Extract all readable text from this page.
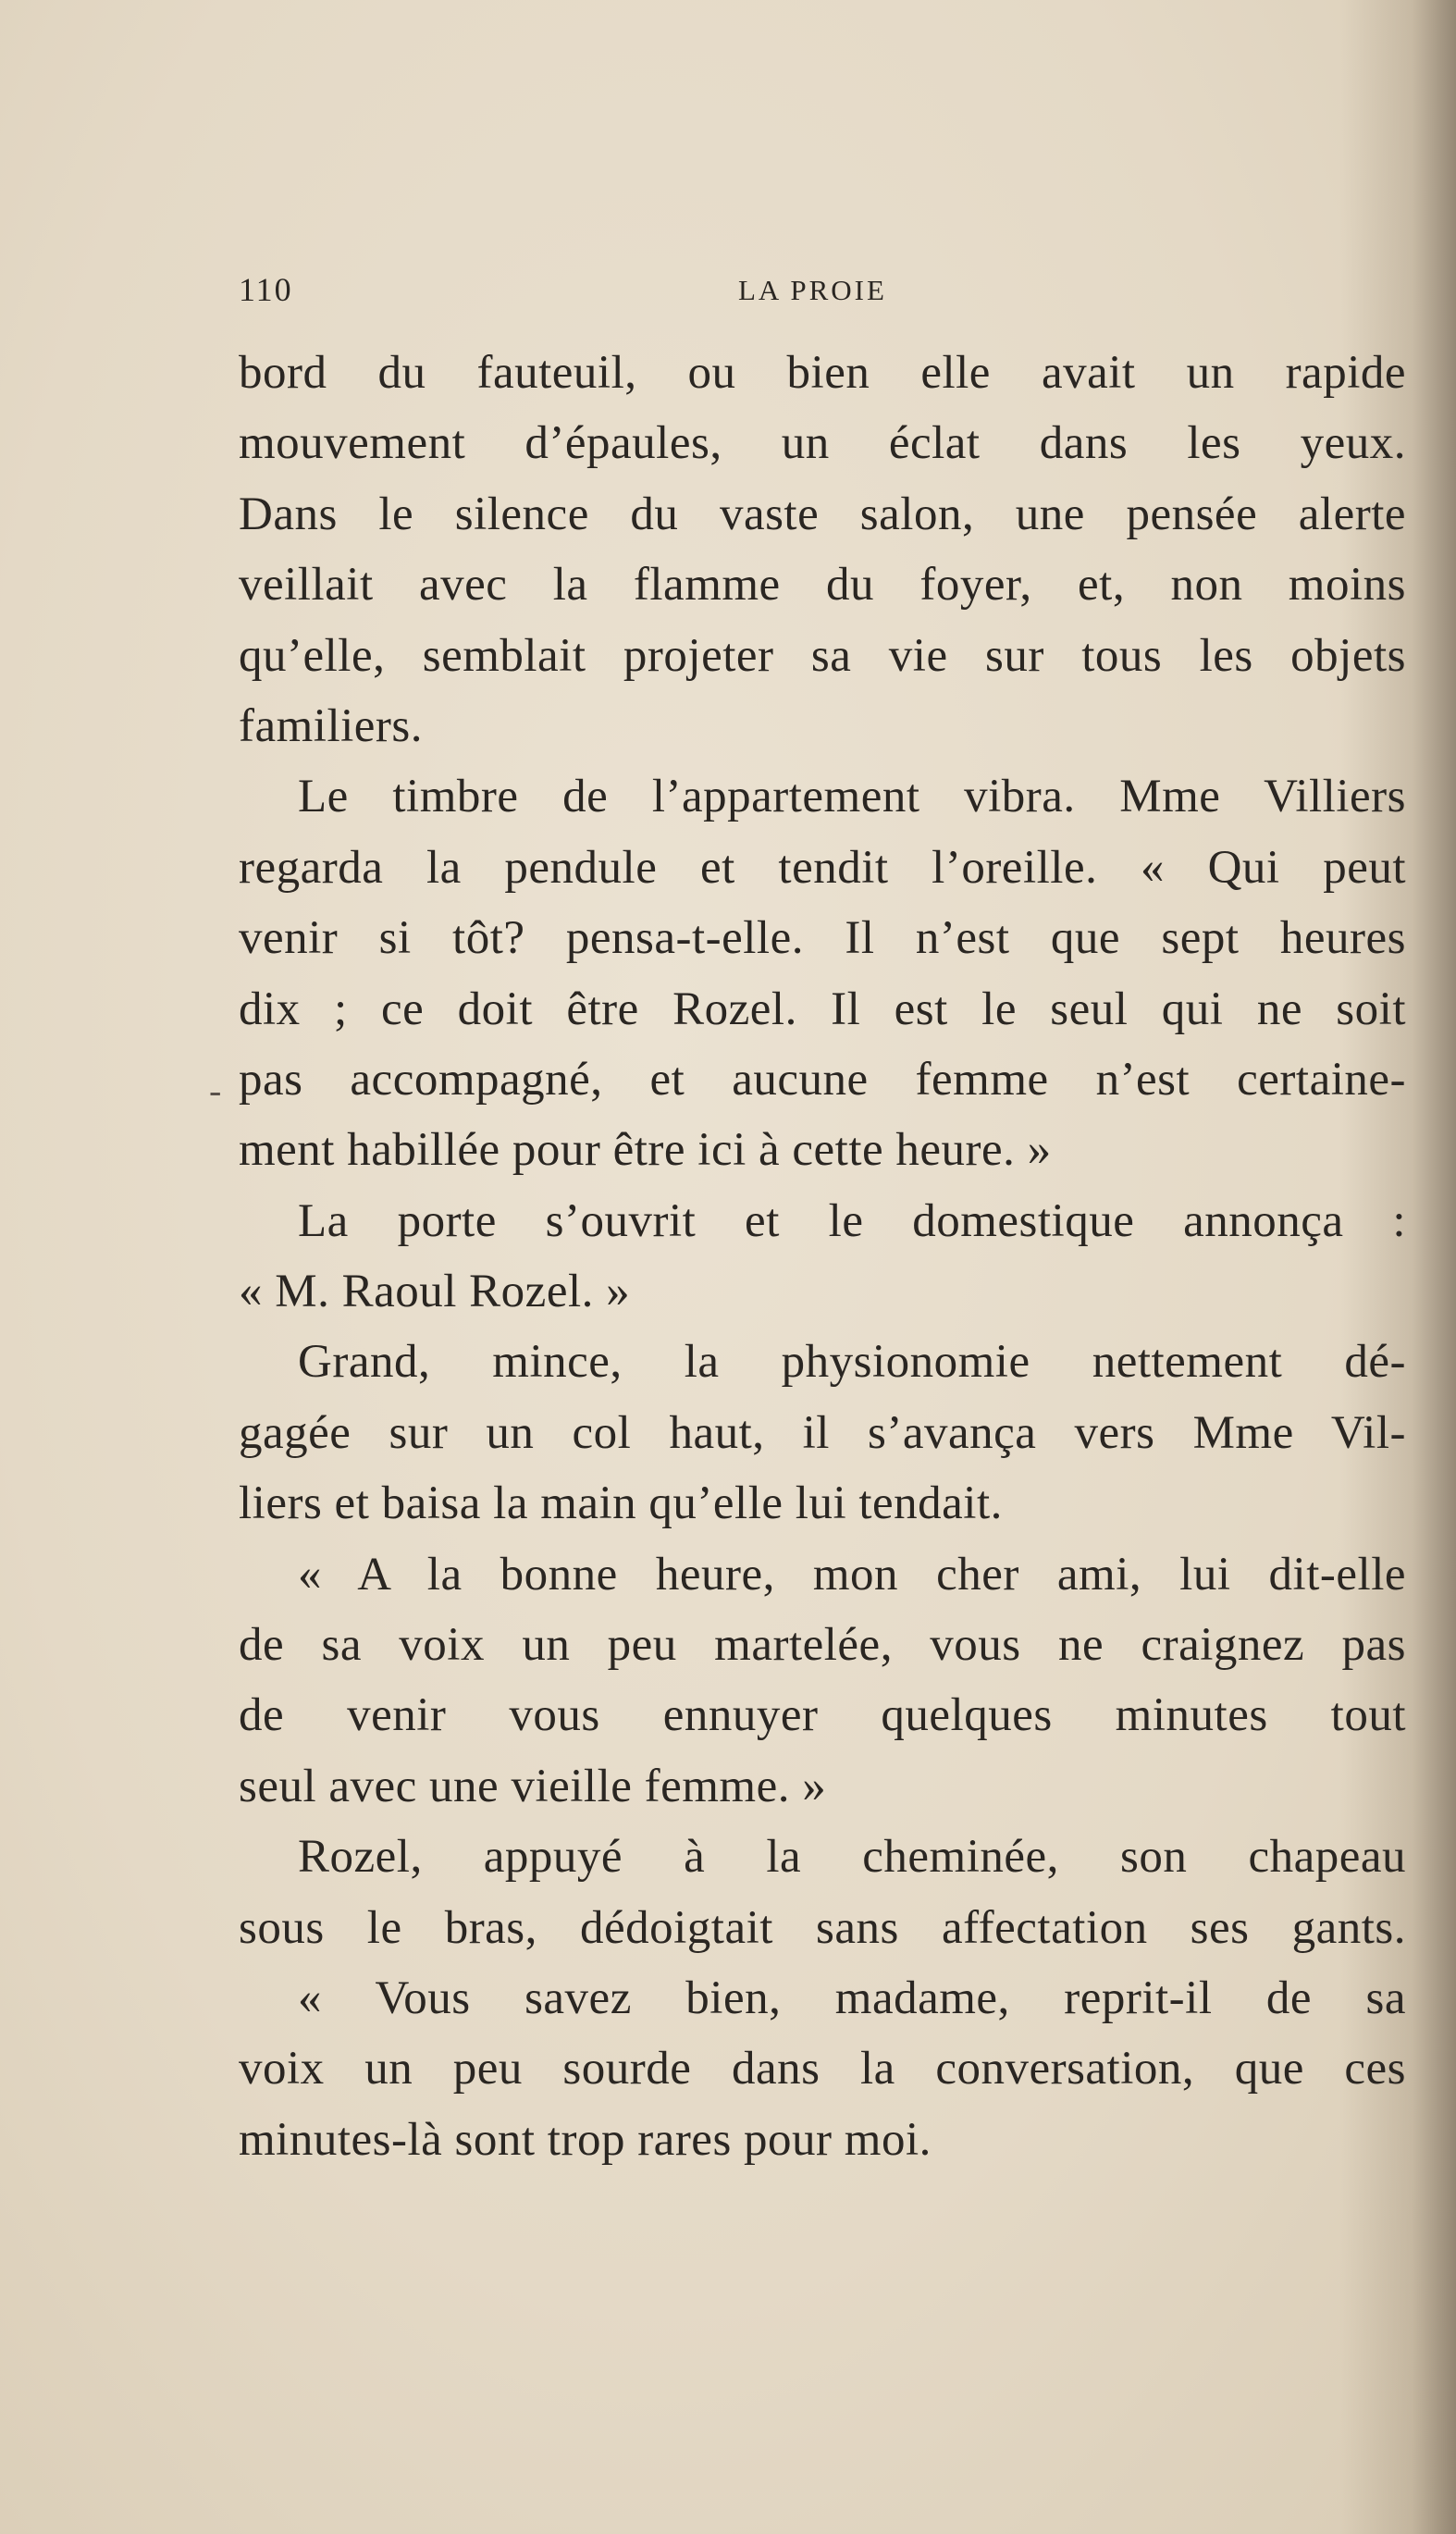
110	LA PROIE
-
bord du fauteuil, ou bien elle avait un rapide
mouvement d’épaules, un éclat dans les yeux.
Dans le silence du vaste salon, une pensée alerte
veillait avec la flamme du foyer, et, non moins
qu’elle, semblait projeter sa vie sur tous les objets
familiers.
Le timbre de l’appartement vibra. Mme Villiers
regarda la pendule et tendit l’oreille. « Qui peut
venir si tôt? pensa-t-elle. Il n’est que sept heures
dix ; ce doit être Rozel. Il est le seul qui ne soit
pas accompagné, et aucune femme n’est certaine-
ment habillée pour être ici à cette heure. »
La porte s’ouvrit et le domestique annonça :
« M. Raoul Rozel. »
Grand, mince, la physionomie nettement dé-
gagée sur un col haut, il s’avança vers Mme Vil-
liers et baisa la main qu’elle lui tendait.
« A la bonne heure, mon cher ami, lui dit-elle
de sa voix un peu martelée, vous ne craignez pas
de venir vous ennuyer quelques minutes tout
seul avec une vieille femme. »
Rozel, appuyé à la cheminée, son chapeau
sous le bras, dédoigtait sans affectation ses gants.
« Vous savez bien, madame, reprit-il de sa
voix un peu sourde dans la conversation, que ces
minutes-là sont trop rares pour moi.
